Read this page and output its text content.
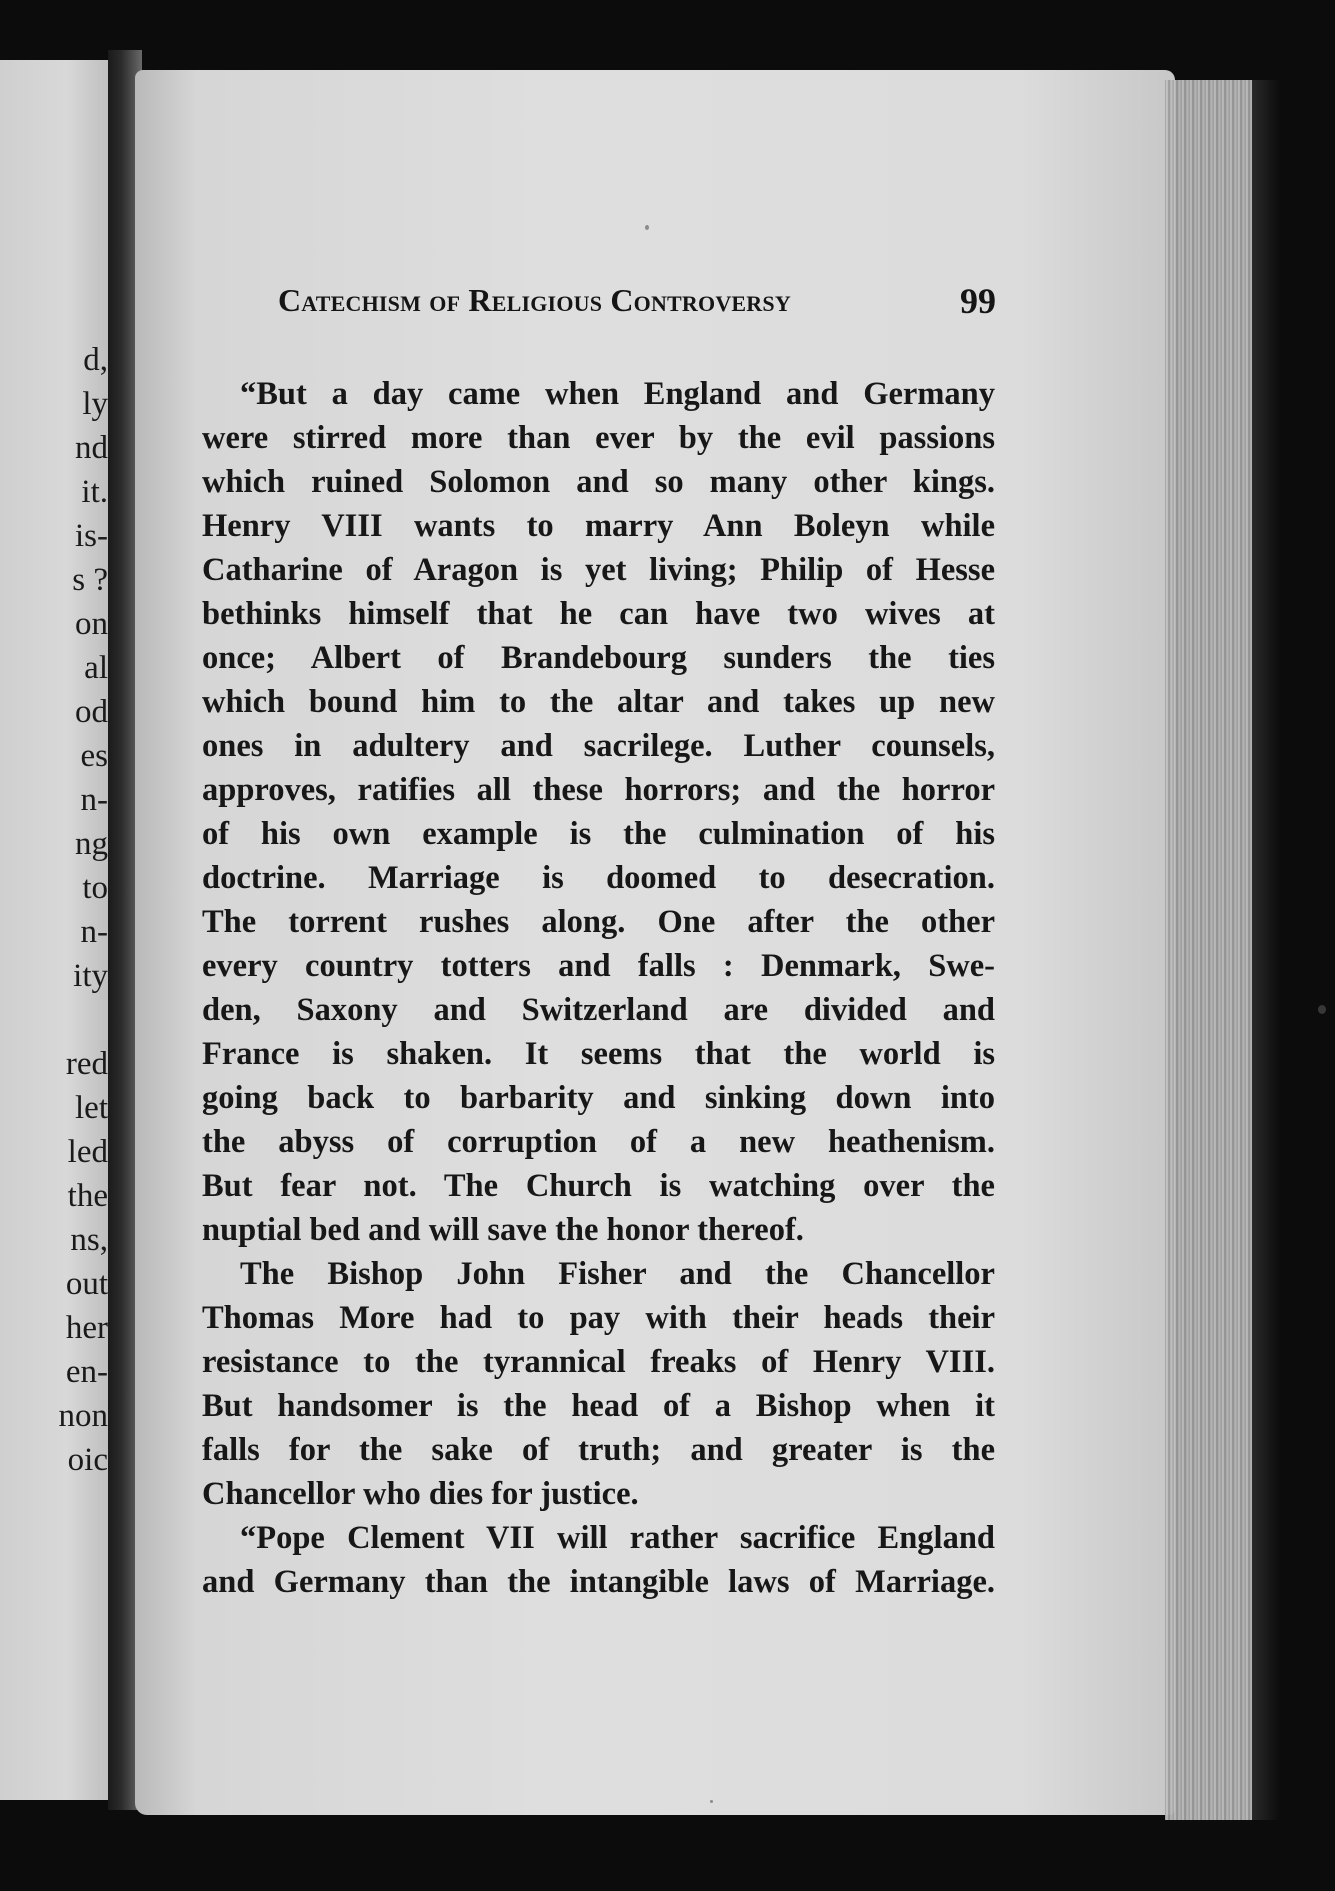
d,
ly
nd
it.
is-
s ?
on
al
od
es
n-
ng
to
n-
ity
red
let
led
the
ns,
out
her
en-
non
oic
Catechism of Religious Controversy	99
“But a day came when England and Germany
were stirred more than ever by the evil passions
which ruined Solomon and so many other kings.
Henry VIII wants to marry Ann Boleyn while
Catharine of Aragon is yet living; Philip of Hesse
bethinks himself that he can have two wives at
once; Albert of Brandebourg sunders the ties
which bound him to the altar and takes up new
ones in adultery and sacrilege. Luther counsels,
approves, ratifies all these horrors; and the horror
of his own example is the culmination of his
doctrine. Marriage is doomed to desecration.
The torrent rushes along. One after the other
every country totters and falls : Denmark, Swe-
den, Saxony and Switzerland are divided and
France is shaken. It seems that the world is
going back to barbarity and sinking down into
the abyss of corruption of a new heathenism.
But fear not. The Church is watching over the
nuptial bed and will save the honor thereof.
The Bishop John Fisher and the Chancellor
Thomas More had to pay with their heads their
resistance to the tyrannical freaks of Henry VIII.
But handsomer is the head of a Bishop when it
falls for the sake of truth; and greater is the
Chancellor who dies for justice.
“Pope Clement VII will rather sacrifice England
and Germany than the intangible laws of Marriage.
